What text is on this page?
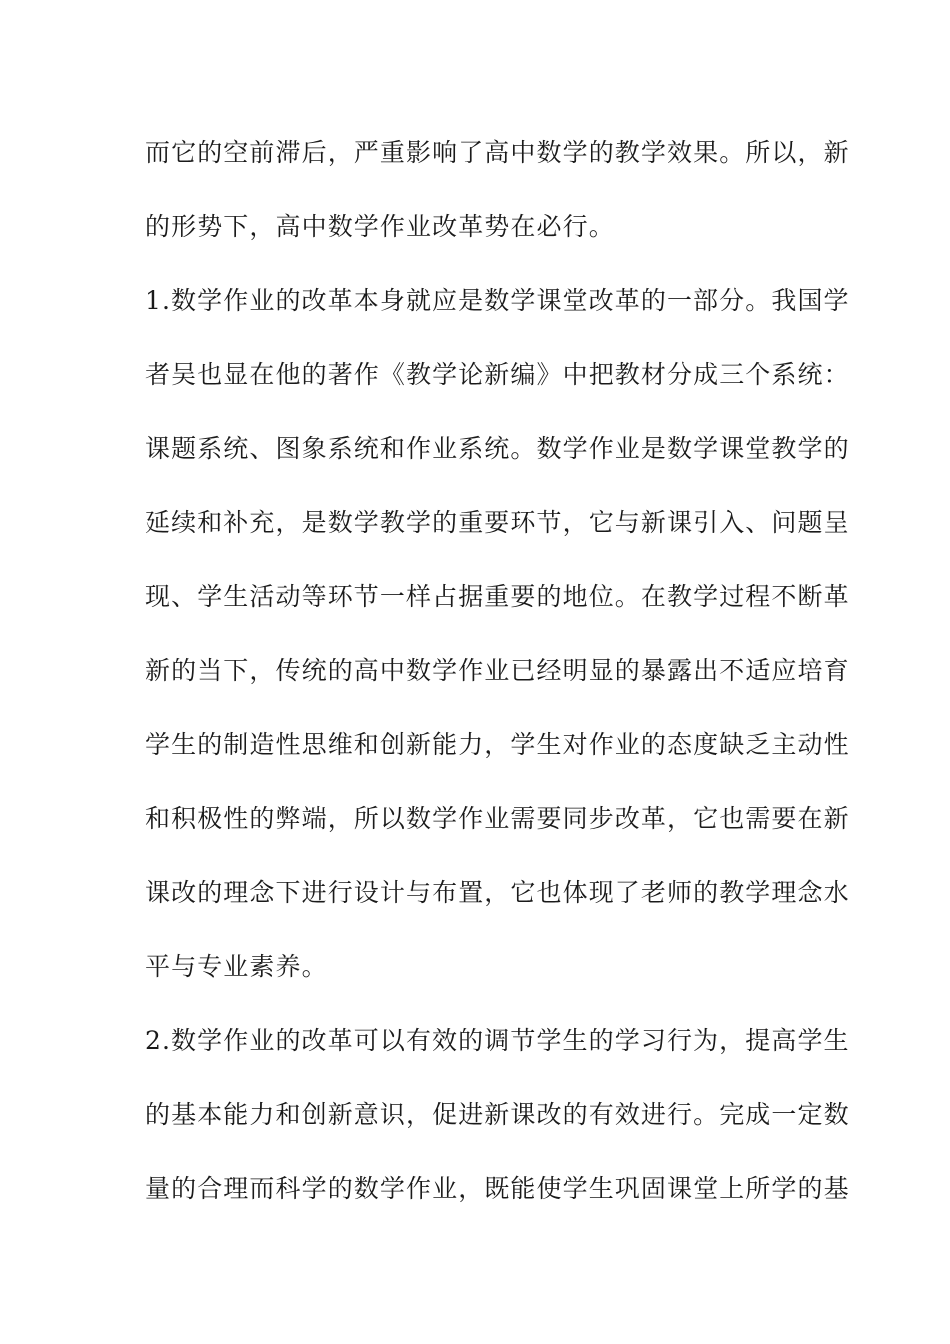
而它的空前滞后，严重影响了高中数学的教学效果。所以，新
的形势下，高中数学作业改革势在必行。
1.数学作业的改革本身就应是数学课堂改革的一部分。我国学
者吴也显在他的著作《教学论新编》中把教材分成三个系统：
课题系统、图象系统和作业系统。数学作业是数学课堂教学的
延续和补充，是数学教学的重要环节，它与新课引入、问题呈
现、学生活动等环节一样占据重要的地位。在教学过程不断革
新的当下，传统的高中数学作业已经明显的暴露出不适应培育
学生的制造性思维和创新能力，学生对作业的态度缺乏主动性
和积极性的弊端，所以数学作业需要同步改革，它也需要在新
课改的理念下进行设计与布置，它也体现了老师的教学理念水
平与专业素养。
2.数学作业的改革可以有效的调节学生的学习行为，提高学生
的基本能力和创新意识，促进新课改的有效进行。完成一定数
量的合理而科学的数学作业，既能使学生巩固课堂上所学的基
